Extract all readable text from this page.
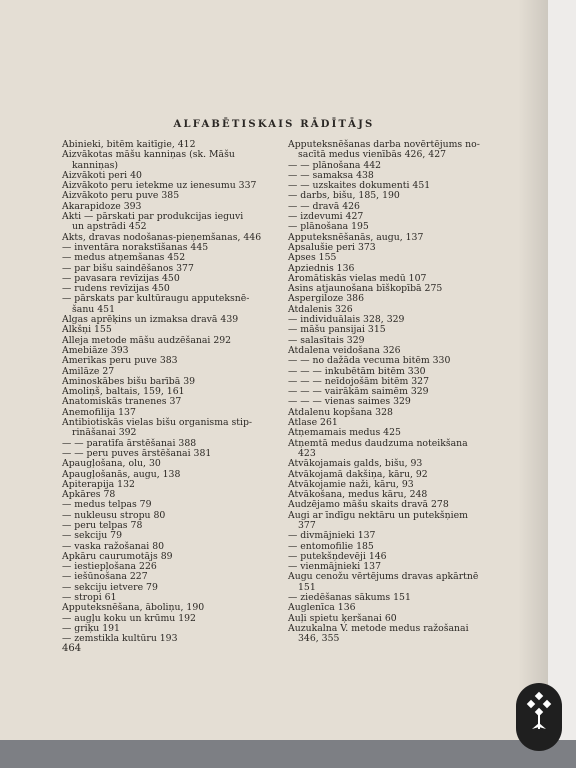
ALFABĒTISKAIS RĀDĪTĀJS
Abinieki, bitēm kaitīgie, 412
Aizvākotas māšu kanniņas (sk. Māšu
kanniņas)
Aizvākoti peri 40
Aizvākoto peru ietekme uz ienesumu 337
Aizvākoto peru puve 385
Akarapidoze 393
Akti — pārskati par produkcijas ieguvi
un apstrādi 452
Akts, dravas nodošanas-pieņemšanas, 446
— inventāra norakstīšanas 445
— medus atņemšanas 452
— par bišu saindēšanos 377
— pavasara revīzijas 450
— rudens revīzijas 450
— pārskats par kultūraugu apputeksnē-
šanu 451
Algas aprēķins un izmaksa dravā 439
Alkšņi 155
Alleja metode māšu audzēšanai 292
Amebiāze 393
Amerikas peru puve 383
Amilāze 27
Aminoskābes bišu barībā 39
Amoliņš, baltais, 159, 161
Anatomiskās tranenes 37
Anemofilija 137
Antibiotiskās vielas bišu organisma stip-
rināšanai 392
— — paratīfa ārstēšanai 388
— — peru puves ārstēšanai 381
Apaugļošana, olu, 30
Apaugļošanās, augu, 138
Apiterapija 132
Apkāres 78
— medus telpas 79
— nukleusu stropu 80
— peru telpas 78
— sekciju 79
— vaska ražošanai 80
Apkāru caurumotājs 89
— iestiepļošana 226
— iešūnošana 227
— sekciju ietvere 79
— stropi 61
Apputeksnēšana, āboliņu, 190
— augļu koku un krūmu 192
— griķu 191
— zemstikla kultūru 193
Apputeksnēšanas darba novērtējums no-
sacītā medus vienībās 426, 427
— — plānošana 442
— — samaksa 438
— — uzskaites dokumenti 451
— darbs, bišu, 185, 190
— — dravā 426
— izdevumi 427
— plānošana 195
Apputeksnēšanās, augu, 137
Apsalušie peri 373
Apses 155
Apziednis 136
Aromātiskās vielas medū 107
Asins atjaunošana bīškopībā 275
Aspergiloze 386
Atdalenis 326
— individuālais 328, 329
— māšu pansijai 315
— salasītais 329
Atdalena veidošana 326
— — no dažāda vecuma bitēm 330
— — — inkubētām bitēm 330
— — — neīdojošām bitēm 327
— — — vairākām saimēm 329
— — — vienas saimes 329
Atdalenu kopšana 328
Atlase 261
Atņemamais medus 425
Atņemtā medus daudzuma noteikšana
423
Atvākojamais galds, bišu, 93
Atvākojamā dakšiņa, kāru, 92
Atvākojamie naži, kāru, 93
Atvākošana, medus kāru, 248
Audzējamo māšu skaits dravā 278
Augi ar īndīgu nektāru un putekšņiem
377
— divmājnieki 137
— entomofilie 185
— putekšņdevēji 146
— vienmājnieki 137
Augu cenožu vērtējums dravas apkārtnē
151
— ziedēšanas sākums 151
Auglenīca 136
Auļi spietu ķeršanai 60
Auzukalna V. metode medus ražošanai
346, 355
464
